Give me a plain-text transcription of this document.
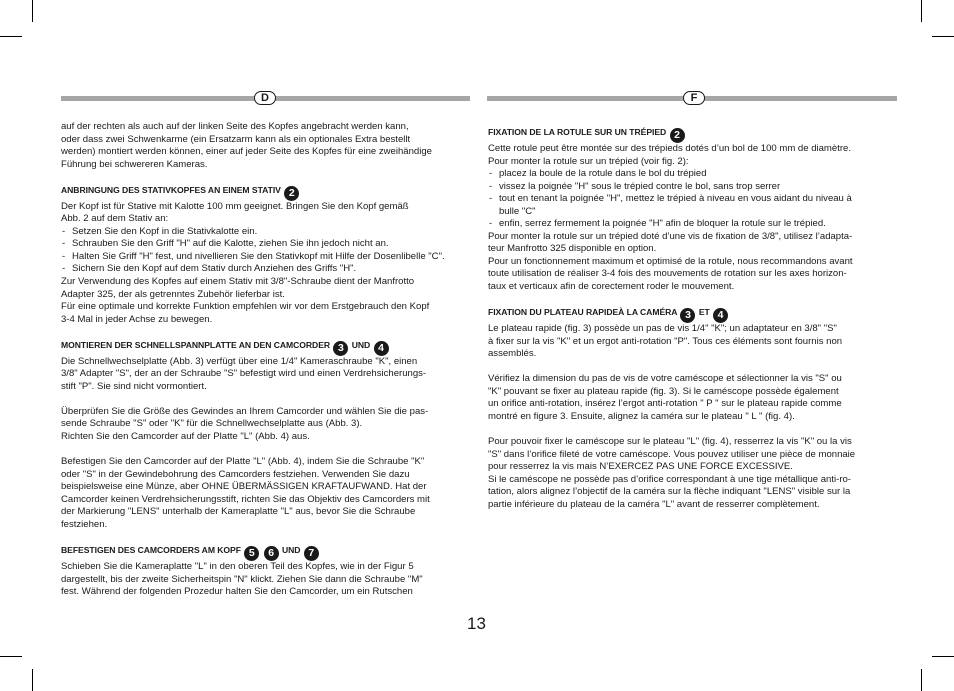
D	F

auf der rechten als auch auf der linken Seite des Kopfes angebracht werden kann,

oder dass zwei Schwenkarme (ein Ersatzarm kann als ein optionales Extra bestellt

werden) montiert werden können, einer auf jeder Seite des Kopfes für eine zweihändige

Führung bei schwereren Kameras.

ANBRINGUNG DES STATIVKOPFES AN EINEM STATIV 2

Der Kopf ist für Stative mit Kalotte 100 mm geeignet. Bringen Sie den Kopf gemäß

Abb. 2 auf dem Stativ an:

- Setzen Sie den Kopf in die Stativkalotte ein.
- Schrauben Sie den Griff "H" auf die Kalotte, ziehen Sie ihn jedoch nicht an.
- Halten Sie Griff "H" fest, und nivellieren Sie den Stativkopf mit Hilfe der Dosenlibelle "C".
- Sichern Sie den Kopf auf dem Stativ durch Anziehen des Griffs "H".

Zur Verwendung des Kopfes auf einem Stativ mit 3/8"-Schraube dient der Manfrotto

Adapter 325, der als getrenntes Zubehör lieferbar ist.

Für eine optimale und korrekte Funktion empfehlen wir vor dem Erstgebrauch den Kopf

3-4 Mal in jeder Achse zu bewegen.

MONTIEREN DER SCHNELLSPANNPLATTE AN DEN CAMCORDER 3 UND 4

Die Schnellwechselplatte (Abb. 3) verfügt über eine 1/4" Kameraschraube "K", einen

3/8" Adapter "S", der an der Schraube "S" befestigt wird und einen Verdrehsicherungs-

stift "P". Sie sind nicht vormontiert.

Überprüfen Sie die Größe des Gewindes an Ihrem Camcorder und wählen Sie die pas-

sende Schraube "S" oder "K" für die Schnellwechselplatte aus (Abb. 3).

Richten Sie den Camcorder auf der Platte "L" (Abb. 4) aus.

Befestigen Sie den Camcorder auf der Platte "L" (Abb. 4), indem Sie die Schraube "K"

oder "S" in der Gewindebohrung des Camcorders festziehen. Verwenden Sie dazu

beispielsweise eine Münze, aber OHNE ÜBERMÄSSIGEN KRAFTAUFWAND. Hat der

Camcorder keinen Verdrehsicherungsstift, richten Sie das Objektiv des Camcorders mit

der Markierung "LENS" unterhalb der Kameraplatte "L" aus, bevor Sie die Schraube

festziehen.

BEFESTIGEN DES CAMCORDERS AM KOPF 5 6 UND 7

Schieben Sie die Kameraplatte "L" in den oberen Teil des Kopfes, wie in der Figur 5

dargestellt, bis der zweite Sicherheitspin "N" klickt. Ziehen Sie dann die Schraube "M"

fest. Während der folgenden Prozedur halten Sie den Camcorder, um ein Rutschen

FIXATION DE LA ROTULE SUR UN TRÉPIED 2

Cette rotule peut être montée sur des trépieds dotés d’un bol de 100 mm de diamètre.

Pour monter la rotule sur un trépied (voir fig. 2):

- placez la boule de la rotule dans le bol du trépied
- vissez la poignée "H" sous le trépied contre le bol, sans trop serrer
- tout en tenant la poignée "H", mettez le trépied à niveau en vous aidant du niveau à
bulle "C"
- enfin, serrez fermement la poignée "H" afin de bloquer la rotule sur le trépied.

Pour monter la rotule sur un trépied doté d’une vis de fixation de 3/8", utilisez l’adapta-

teur Manfrotto 325 disponible en option.

Pour un fonctionnement maximum et optimisé de la rotule, nous recommandons avant

toute utilisation de réaliser 3-4 fois des mouvements de rotation sur les axes horizon-

taux et verticaux afin de corectement roder le mouvement.

FIXATION DU PLATEAU RAPIDEÀ LA CAMÉRA 3 ET 4

Le plateau rapide (fig. 3) possède un pas de vis 1/4" "K"; un adaptateur en 3/8" "S"

à fixer sur la vis "K" et un ergot anti-rotation "P". Tous ces éléments sont fournis non

assemblés.

Vérifiez la dimension du pas de vis de votre caméscope et sélectionner la vis "S" ou

"K" pouvant se fixer au plateau rapide (fig. 3). Si le caméscope possède également

un orifice anti-rotation, insérez l’ergot anti-rotation " P " sur le plateau rapide comme

montré en figure 3. Ensuite, alignez la caméra sur le plateau " L " (fig. 4).

Pour pouvoir fixer le caméscope sur le plateau "L" (fig. 4), resserrez la vis "K" ou la vis

"S" dans l’orifice fileté de votre caméscope. Vous pouvez utiliser une pièce de monnaie

pour resserrez la vis mais N’EXERCEZ PAS UNE FORCE EXCESSIVE.

Si le caméscope ne possède pas d’orifice correspondant à une tige métallique anti-ro-

tation, alors alignez l’objectif de la caméra sur la flèche indiquant "LENS" visible sur la

partie inférieure du plateau de la caméra "L" avant de resserrer complètement.

13
